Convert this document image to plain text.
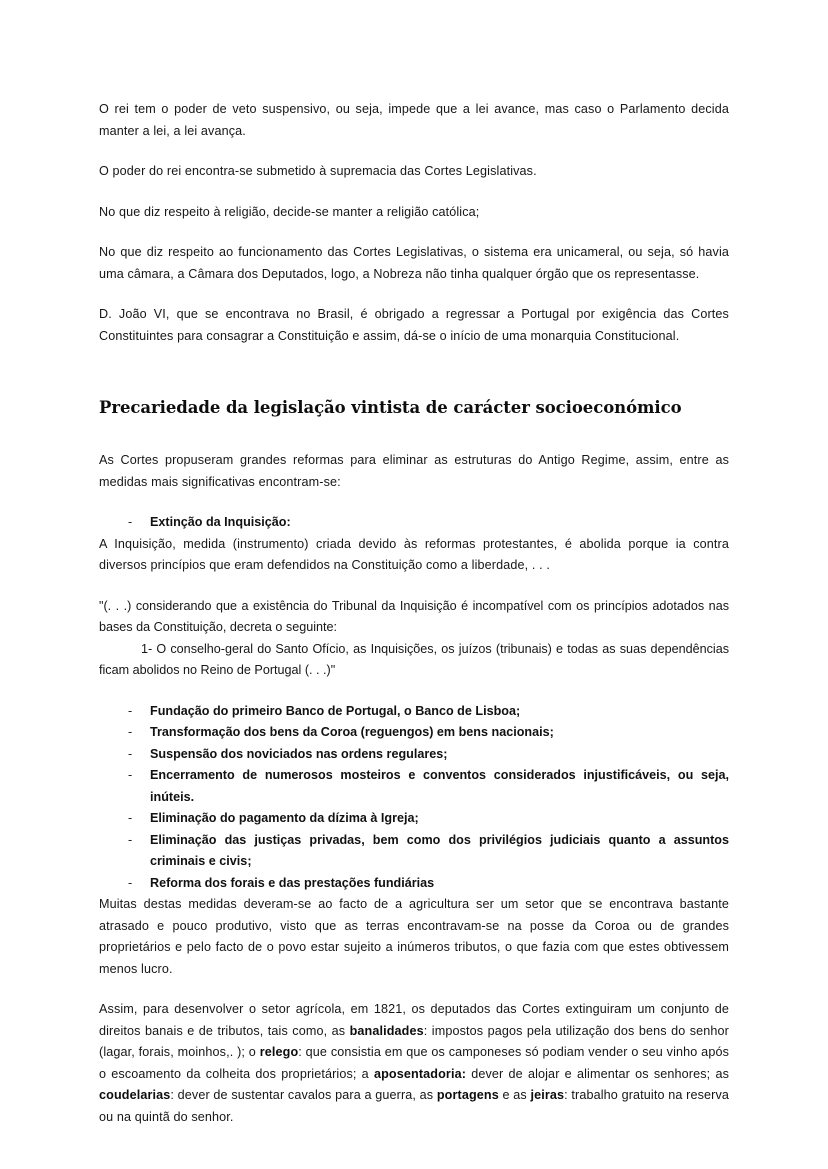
O rei tem o poder de veto suspensivo, ou seja, impede que a lei avance, mas caso o Parlamento decida manter a lei, a lei avança.

O poder do rei encontra-se submetido à supremacia das Cortes Legislativas.

No que diz respeito à religião, decide-se manter a religião católica;

No que diz respeito ao funcionamento das Cortes Legislativas, o sistema era unicameral, ou seja, só havia uma câmara, a Câmara dos Deputados, logo, a Nobreza não tinha qualquer órgão que os representasse.

D. João VI, que se encontrava no Brasil, é obrigado a regressar a Portugal por exigência das Cortes Constituintes para consagrar a Constituição e assim, dá-se o início de uma monarquia Constitucional.

Precariedade da legislação vintista de carácter socioeconómico

As Cortes propuseram grandes reformas para eliminar as estruturas do Antigo Regime, assim, entre as medidas mais significativas encontram-se:

- Extinção da Inquisição:

A Inquisição, medida (instrumento) criada devido às reformas protestantes, é abolida porque ia contra diversos princípios que eram defendidos na Constituição como a liberdade, . . .

"(. . .) considerando que a existência do Tribunal da Inquisição é incompatível com os princípios adotados nas bases da Constituição, decreta o seguinte:
1- O conselho-geral do Santo Ofício, as Inquisições, os juízos (tribunais) e todas as suas dependências ficam abolidos no Reino de Portugal (. . .)"
- Fundação do primeiro Banco de Portugal, o Banco de Lisboa;
- Transformação dos bens da Coroa (reguengos) em bens nacionais;
- Suspensão dos noviciados nas ordens regulares;
- Encerramento de numerosos mosteiros e conventos considerados injustificáveis, ou seja, inúteis.
- Eliminação do pagamento da dízima à Igreja;
- Eliminação das justiças privadas, bem como dos privilégios judiciais quanto a assuntos criminais e civis;
- Reforma dos forais e das prestações fundiárias

Muitas destas medidas deveram-se ao facto de a agricultura ser um setor que se encontrava bastante atrasado e pouco produtivo, visto que as terras encontravam-se na posse da Coroa ou de grandes proprietários e pelo facto de o povo estar sujeito a inúmeros tributos, o que fazia com que estes obtivessem menos lucro.

Assim, para desenvolver o setor agrícola, em 1821, os deputados das Cortes extinguiram um conjunto de direitos banais e de tributos, tais como, as banalidades: impostos pagos pela utilização dos bens do senhor (lagar, forais, moinhos,. ); o relego: que consistia em que os camponeses só podiam vender o seu vinho após o escoamento da colheita dos proprietários; a aposentadoria: dever de alojar e alimentar os senhores; as coudelarias: dever de sustentar cavalos para a guerra, as portagens e as jeiras: trabalho gratuito na reserva ou na quintã do senhor.
